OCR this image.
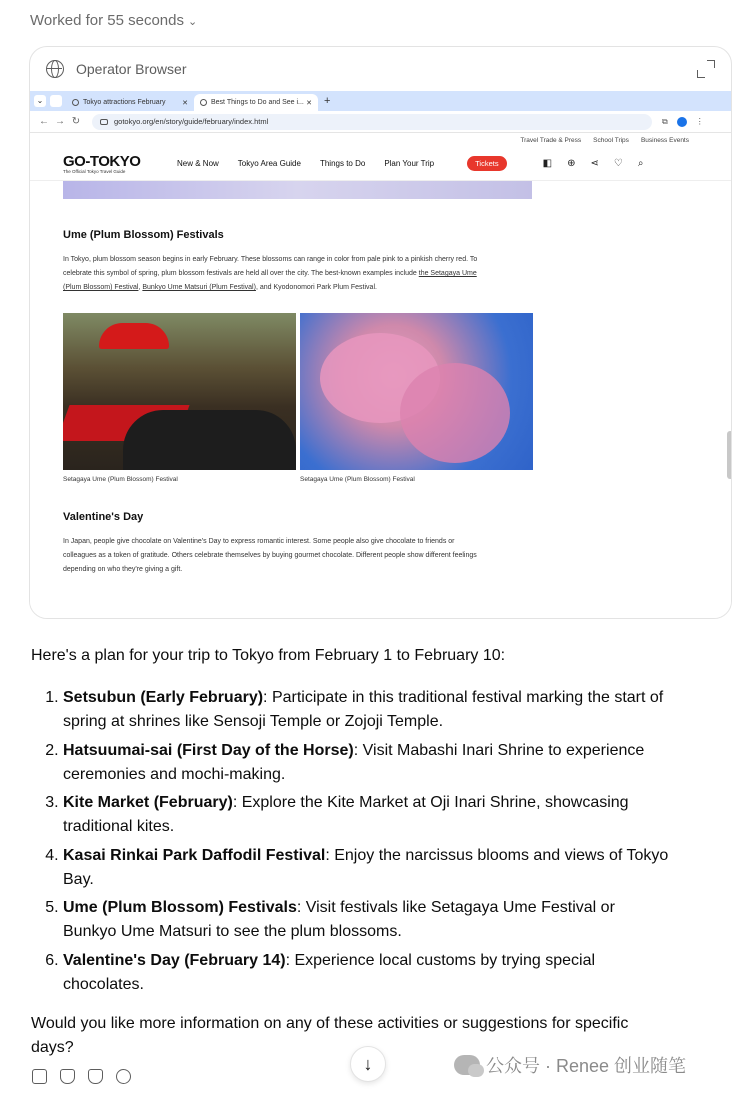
Worked for 55 seconds ⌄
Operator Browser
⌄	Tokyo attractions February ✕	Best Things to Do and See i... ✕ +
← → ↻	gotokyo.org/en/story/guide/february/index.html	⧉	⋮
Travel Trade & Press School Trips Business Events
GO-TOKYO
The Official Tokyo Travel Guide
New & Now Tokyo Area Guide Things to Do Plan Your Trip	Tickets	◧ ⊕ ⋖ ♡ ⌕
Ume (Plum Blossom) Festivals
In Tokyo, plum blossom season begins in early February. These blossoms can range in color from pale pink to a pinkish cherry red. To
celebrate this symbol of spring, plum blossom festivals are held all over the city. The best-known examples include the Setagaya Ume
(Plum Blossom) Festival, Bunkyo Ume Matsuri (Plum Festival), and Kyodonomori Park Plum Festival.
Setagaya Ume (Plum Blossom) Festival	Setagaya Ume (Plum Blossom) Festival
Valentine's Day
In Japan, people give chocolate on Valentine's Day to express romantic interest. Some people also give chocolate to friends or
colleagues as a token of gratitude. Others celebrate themselves by buying gourmet chocolate. Different people show different feelings
depending on who they're giving a gift.

Here's a plan for your trip to Tokyo from February 1 to February 10:

1. Setsubun (Early February): Participate in this traditional festival marking the start of spring at shrines like Sensoji Temple or Zojoji Temple.
2. Hatsuumai-sai (First Day of the Horse): Visit Mabashi Inari Shrine to experience ceremonies and mochi-making.
3. Kite Market (February): Explore the Kite Market at Oji Inari Shrine, showcasing traditional kites.
4. Kasai Rinkai Park Daffodil Festival: Enjoy the narcissus blooms and views of Tokyo Bay.
5. Ume (Plum Blossom) Festivals: Visit festivals like Setagaya Ume Festival or Bunkyo Ume Matsuri to see the plum blossoms.
6. Valentine's Day (February 14): Experience local customs by trying special chocolates.

Would you like more information on any of these activities or suggestions for specific days?

↓	公众号 · Renee 创业随笔
